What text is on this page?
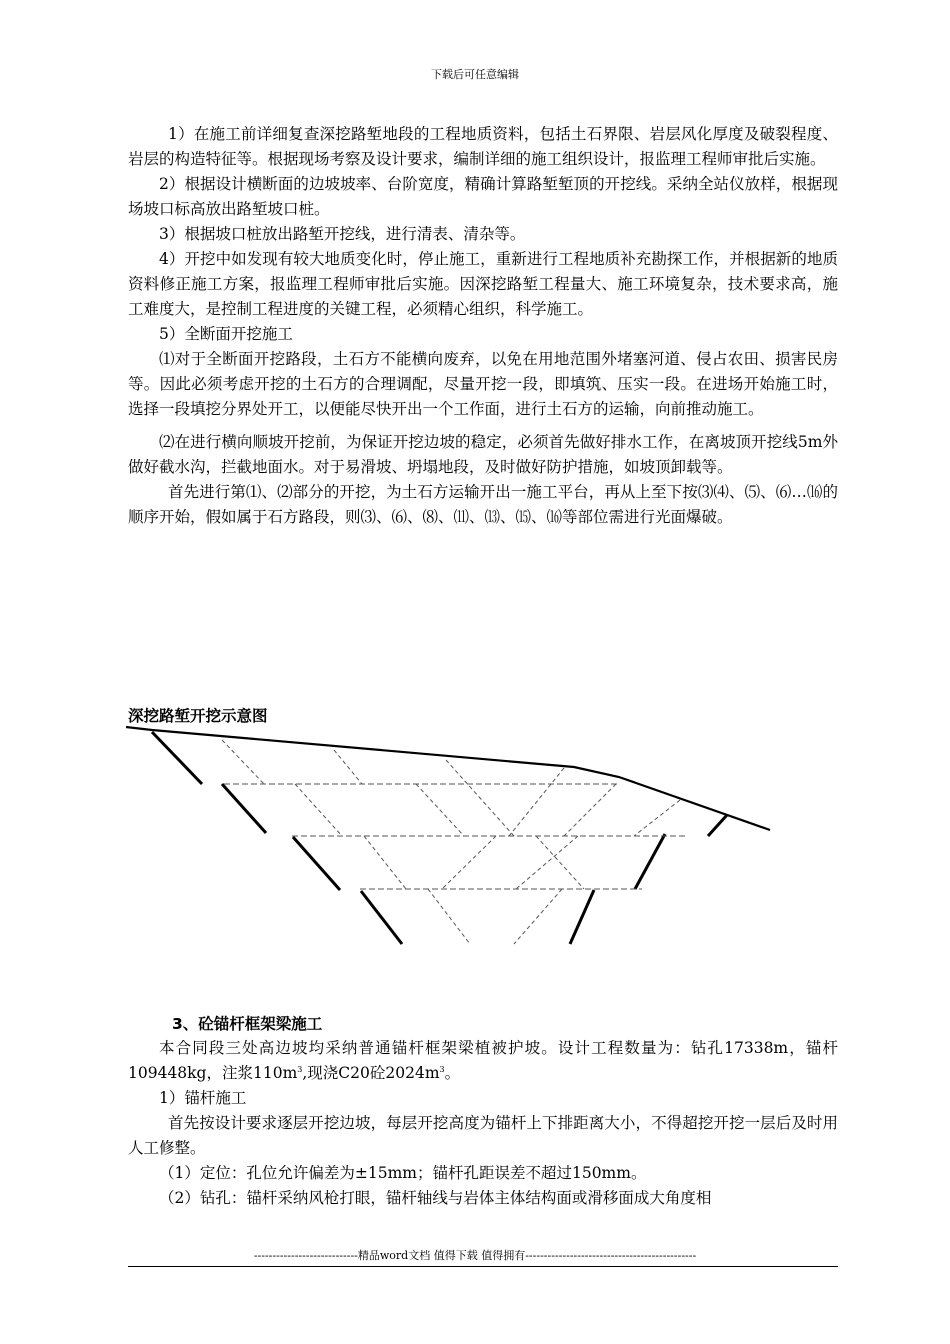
下载后可任意编辑

1）在施工前详细复查深挖路堑地段的工程地质资料，包括土石界限、岩层风化厚度及破裂程度、岩层的构造特征等。根据现场考察及设计要求，编制详细的施工组织设计，报监理工程师审批后实施。

2）根据设计横断面的边坡坡率、台阶宽度，精确计算路堑堑顶的开挖线。采纳全站仪放样，根据现场坡口标高放出路堑坡口桩。

3）根据坡口桩放出路堑开挖线，进行清表、清杂等。

4）开挖中如发现有较大地质变化时，停止施工，重新进行工程地质补充勘探工作，并根据新的地质资料修正施工方案，报监理工程师审批后实施。因深挖路堑工程量大、施工环境复杂，技术要求高，施工难度大，是控制工程进度的关键工程，必须精心组织，科学施工。

5）全断面开挖施工

⑴对于全断面开挖路段，土石方不能横向废弃，以免在用地范围外堵塞河道、侵占农田、损害民房等。因此必须考虑开挖的土石方的合理调配，尽量开挖一段，即填筑、压实一段。在进场开始施工时，选择一段填挖分界处开工，以便能尽快开出一个工作面，进行土石方的运输，向前推动施工。

⑵在进行横向顺坡开挖前，为保证开挖边坡的稳定，必须首先做好排水工作，在离坡顶开挖线5m外做好截水沟，拦截地面水。对于易滑坡、坍塌地段，及时做好防护措施，如坡顶卸载等。

首先进行第⑴、⑵部分的开挖，为土石方运输开出一施工平台，再从上至下按⑶⑷、⑸、⑹…⒃的顺序开始，假如属于石方路段，则⑶、⑹、⑻、⑾、⒀、⒂、⒃等部位需进行光面爆破。

深挖路堑开挖示意图
3、砼锚杆框架梁施工

本合同段三处高边坡均采纳普通锚杆框架梁植被护坡。设计工程数量为：钻孔17338m，锚杆109448kg，注浆$110m^3$,现浇C20砼$2024m^3$。

1）锚杆施工

首先按设计要求逐层开挖边坡，每层开挖高度为锚杆上下排距离大小，不得超挖开挖一层后及时用人工修整。

（1）定位：孔位允许偏差为±15mm；锚杆孔距误差不超过150mm。

（2）钻孔：锚杆采纳风枪打眼，锚杆轴线与岩体主体结构面或滑移面成大角度相

----------------------------精品word文档 值得下载 值得拥有----------------------------------------------
